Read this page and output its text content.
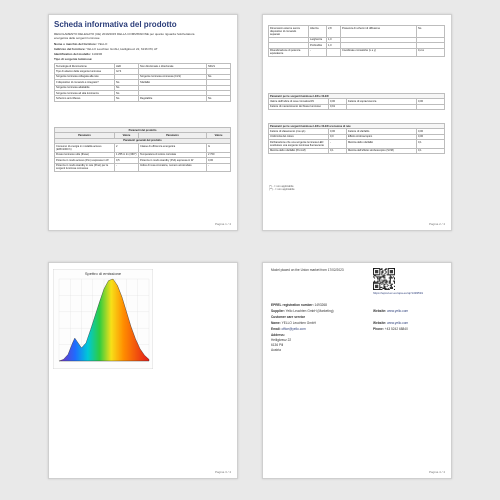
Scheda informativa del prodotto
REGOLAMENTO DELEGATO (UE) 2019/2015 DELLA COMMISSIONE per quanto riguarda l'etichettatura energetica delle sorgenti luminose
Nome o marchio del fornitore: YELLO
Indirizzo del fornitore: YELLO Leuchten GmbH, Heiligkreuz 22, 6136 Pill, AT
Identificativo del modello: 11023R
Tipo di sorgente luminosa:
Tecnologia di illuminazione	LED	Non direzionale o direzionale	NDLS
Tipo di attacco della sorgente luminosa	GY4		
Sorgente luminosa collegata alla rete		Sorgente luminosa connessa (CLS)	No
Il dispositivo di comando è integrato?	No	Sfarfallio	
Sorgente luminosa adattabile	No		
Sorgente luminosa ad alta luminanza	No		
Schermo anti-riflesso	No	Regolabile	No
Parametri del prodotto			
Parametro	Valore	Parametro	Valore
Parametri generali del prodotto			
Consumo di energia in modalità acceso (kWh/1000 h)	2	Classe di efficienza energetica	G
Flusso luminoso utile (Φuse)	1 255 in lm (360°)	Temperatura di colore correlata	2 700
Potenza in modo acceso (Pon) espressa in W	0,5	Potenza in modo standby (Psb) espressa in W	0,00
Potenza in modo standby in rete (Pnet) per le sorgenti luminose connesse	-	Indice di resa cromatica, numero arrotondato	-
Pagina 1 / 4
Dimensioni esterne senza dispositivo di comando separato	Altezza	2,8	Presenza di schermi di diffusione	No
	Larghezza	1,0		
	Profondità	1,0		
Rivendicazione di potenza equivalente	-		Coordinate cromatiche (x e y)	0,xxx
Parametri per le sorgenti luminose LED e OLED			
Valore dell'indice di resa cromatica R9	0,00	Fattore di sopravvivenza	0,00
Fattore di mantenimento del flusso luminoso	0,91		
Parametri per le sorgenti luminose LED e OLED a tensione di rete			
Fattore di sfasamento (cos φ1)	0,00	Fattore di sfarfallio	0,00
Uniformità del colore	0,0	Effetto stroboscopico	0,00
Dichiarazione che una sorgente luminosa LED sostituisce una sorgente luminosa fluorescente	-	Metrica dello sfarfallio	0,1
Metrica dello sfarfallio (Pst LM)	0,1	Metrica dell'effetto stroboscopico (SVM)	0,1
(*) - = non applicabile
(**) - = non applicabile
Pagina 2 / 4
Spettro di emissione
Pagina 3 / 4
Model placed on the Union market from 17/02/2023
https://eprel.ec.europa.eu/qr/1493591
EPREL registration number: 1493268
Supplier: Yello Leuchten GmbH (Marketing)	Website: www.yello.com
Customer care service
Name: YELLO Leuchten GmbH
Email: office@yello.com
Website: www.yello.com
Phone: +43 5242 68840
Address:
Heiligkreuz 22
6136 Pill
Austria
Pagina 4 / 4
